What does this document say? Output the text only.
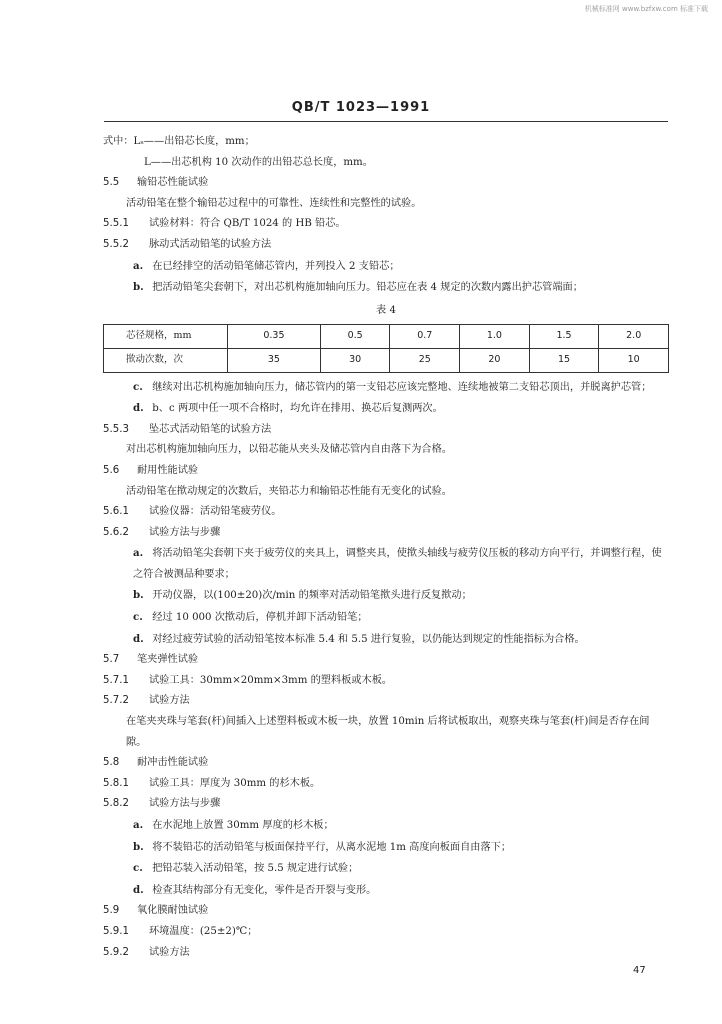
机械标准网 www.bzfxw.com 标准下载
QB/T 1023—1991
式中：Lₛ——出铅芯长度，mm；
L——出芯机构 10 次动作的出铅芯总长度，mm。
5.5 输铅芯性能试验
活动铅笔在整个输铅芯过程中的可靠性、连续性和完整性的试验。
5.5.1 试验材料：符合 QB/T 1024 的 HB 铅芯。
5.5.2 脉动式活动铅笔的试验方法
a. 在已经排空的活动铅笔储芯管内，并列投入 2 支铅芯；
b. 把活动铅笔尖套朝下，对出芯机构施加轴向压力。铅芯应在表 4 规定的次数内露出护芯管端面；
表 4
芯径规格，mm	0.35	0.5	0.7	1.0	1.5	2.0
揿动次数，次	35	30	25	20	15	10
c. 继续对出芯机构施加轴向压力，储芯管内的第一支铅芯应该完整地、连续地被第二支铅芯顶出，并脱离护芯管；
d. b、c 两项中任一项不合格时，均允许在排用、换芯后复测两次。
5.5.3 坠芯式活动铅笔的试验方法
对出芯机构施加轴向压力，以铅芯能从夹头及储芯管内自由落下为合格。
5.6 耐用性能试验
活动铅笔在揿动规定的次数后，夹铅芯力和输铅芯性能有无变化的试验。
5.6.1 试验仪器：活动铅笔疲劳仪。
5.6.2 试验方法与步骤
a. 将活动铅笔尖套朝下夹于疲劳仪的夹具上，调整夹具，使揿头轴线与疲劳仪压板的移动方向平行，并调整行程，使之符合被测品种要求；
b. 开动仪器，以(100±20)次/min 的频率对活动铅笔揿头进行反复揿动；
c. 经过 10 000 次揿动后，停机并卸下活动铅笔；
d. 对经过疲劳试验的活动铅笔按本标准 5.4 和 5.5 进行复验，以仍能达到规定的性能指标为合格。
5.7 笔夹弹性试验
5.7.1 试验工具：30mm×20mm×3mm 的塑料板或木板。
5.7.2 试验方法
在笔夹夹珠与笔套(杆)间插入上述塑料板或木板一块，放置 10min 后将试板取出，观察夹珠与笔套(杆)间是否存在间隙。
5.8 耐冲击性能试验
5.8.1 试验工具：厚度为 30mm 的杉木板。
5.8.2 试验方法与步骤
a. 在水泥地上放置 30mm 厚度的杉木板；
b. 将不装铅芯的活动铅笔与板面保持平行，从离水泥地 1m 高度向板面自由落下；
c. 把铅芯装入活动铅笔，按 5.5 规定进行试验；
d. 检查其结构部分有无变化，零件是否开裂与变形。
5.9 氧化膜耐蚀试验
5.9.1 环境温度：(25±2)℃；
5.9.2 试验方法
47
